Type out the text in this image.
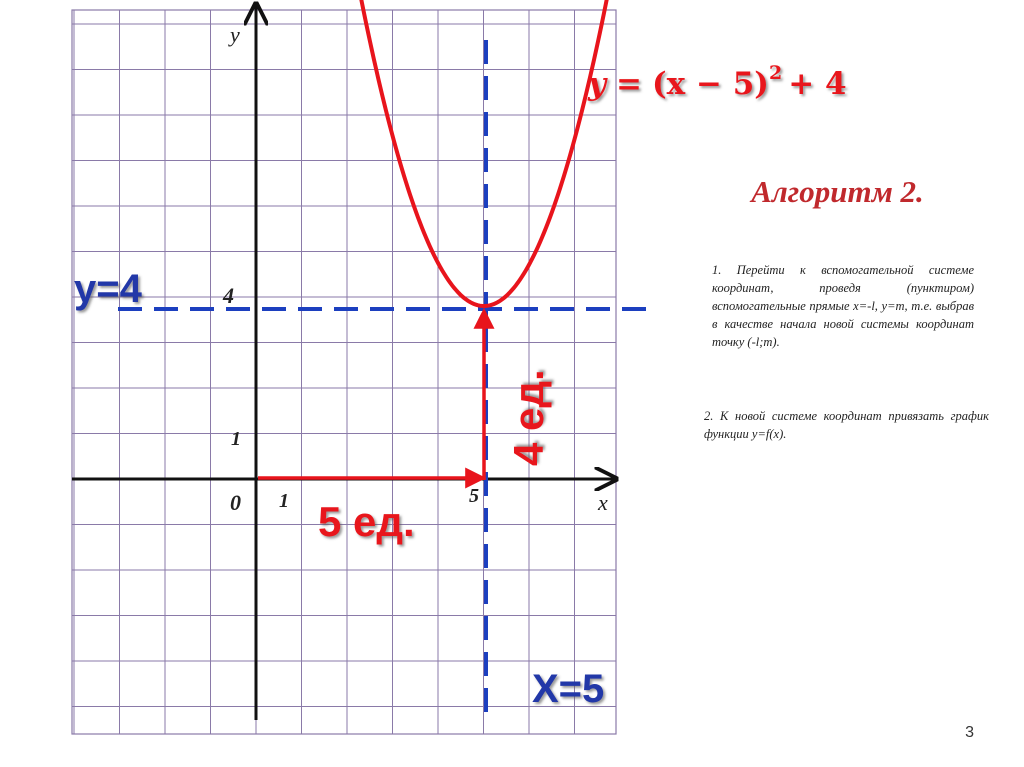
$y = (x - 5)^2 + 4$
y
x
0 1	5
1
4
y=4
X=5
5 ед.
4 ед.
Алгоритм 2.
1. Перейти к вспомогательной системе координат, проведя (пунктиром) вспомогательные прямые x=-l, y=m, т.е. выбрав в качестве начала новой системы координат точку (-l;m).
2. К новой системе координат привязать график функции y=f(x).
3
